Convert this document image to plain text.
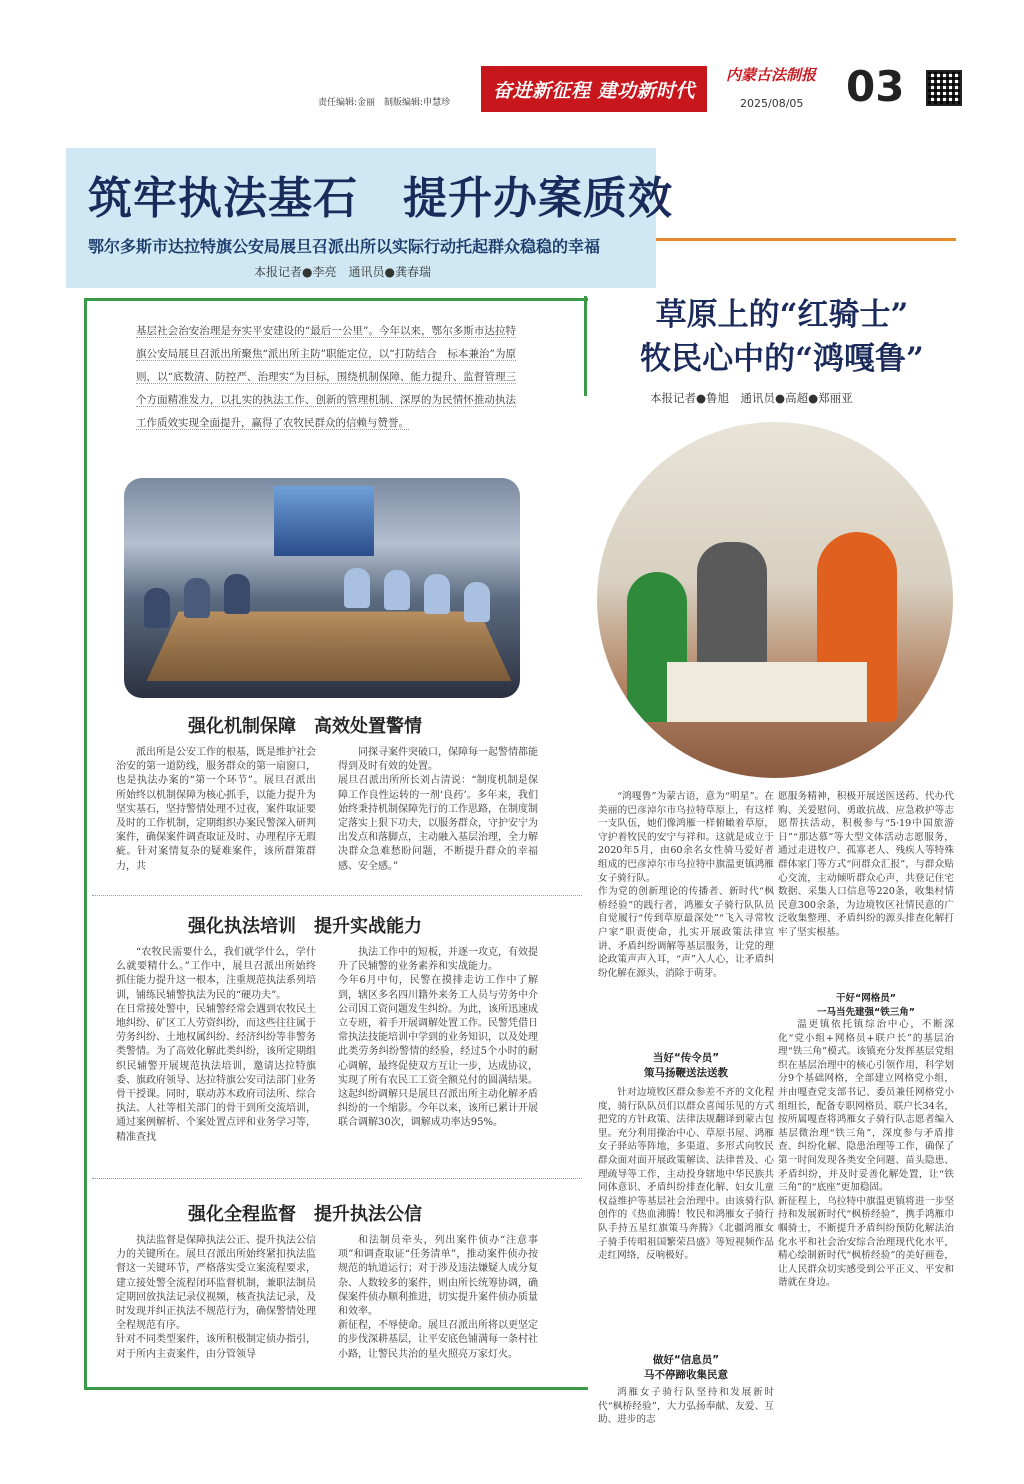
责任编辑:金丽　制版编辑:申慧珍
奋进新征程 建功新时代
内蒙古法制报
2025/08/05 03
筑牢执法基石　提升办案质效
鄂尔多斯市达拉特旗公安局展旦召派出所以实际行动托起群众稳稳的幸福
本报记者●李亮　通讯员●龚春瑞
基层社会治安治理是夯实平安建设的“最后一公里”。今年以来，鄂尔多斯市达拉特旗公安局展旦召派出所聚焦“派出所主防”职能定位，以“打防结合　标本兼治”为原则，以“底数清、防控严、治理实”为目标，围绕机制保障、能力提升、监督管理三个方面精准发力，以扎实的执法工作、创新的管理机制、深厚的为民情怀推动执法工作质效实现全面提升，赢得了农牧民群众的信赖与赞誉。
强化机制保障　高效处置警情

派出所是公安工作的根基，既是维护社会治安的第一道防线，服务群众的第一扇窗口，也是执法办案的“第一个环节”。展旦召派出所始终以机制保障为核心抓手，以能力提升为坚实基石，坚持警情处理不过夜，案件取证要及时的工作机制，定期组织办案民警深入研判案件，确保案件调查取证及时、办理程序无瑕疵。针对案情复杂的疑难案件，该所群策群力，共

同探寻案件突破口，保障每一起警情都能得到及时有效的处置。
展旦召派出所所长刘占清说：“制度机制是保障工作良性运转的一剂‘良药’。多年来，我们始终秉持机制保障先行的工作思路，在制度制定落实上狠下功夫，以服务群众，守护安宁为出发点和落脚点，主动融入基层治理，全力解决群众急难愁盼问题，不断提升群众的幸福感、安全感。”

强化执法培训　提升实战能力

“农牧民需要什么，我们就学什么，学什么就要精什么。”工作中，展旦召派出所始终抓住能力提升这一根本，注重规范执法系列培训，铺练民辅警执法为民的“硬功夫”。
在日常接处警中，民辅警经常会遇到农牧民土地纠纷、矿区工人劳资纠纷，而这些往往属于劳务纠纷、土地权属纠纷、经济纠纷等非警务类警情。为了高效化解此类纠纷，该所定期组织民辅警开展规范执法培训，邀请达拉特旗委、旗政府领导、达拉特旗公安司法部门业务骨干授课。同时，联动苏木政府司法所、综合执法、人社等相关部门的骨干到所交流培训，通过案例解析、个案处置点评和业务学习等，精准查找

执法工作中的短板，并逐一攻克，有效提升了民辅警的业务素养和实战能力。
今年6月中旬，民警在摸排走访工作中了解到，辖区多名四川籍外来务工人员与劳务中介公司因工资问题发生纠纷。为此，该所迅速成立专班，着手开展调解处置工作。民警凭借日常执法技能培训中学到的业务知识，以及处理此类劳务纠纷警情的经验，经过5个小时的耐心调解，最终促使双方互让一步，达成协议，实现了所有农民工工资全额兑付的圆满结果。
这起纠纷调解只是展旦召派出所主动化解矛盾纠纷的一个缩影。今年以来，该所已累计开展联合调解30次，调解成功率达95%。

强化全程监督　提升执法公信

执法监督是保障执法公正、提升执法公信力的关键所在。展旦召派出所始终紧扣执法监督这一关键环节，严格落实受立案流程要求，建立接处警全流程闭环监督机制，兼职法制员定期回放执法记录仪视频，核查执法记录，及时发现并纠正执法不规范行为，确保警情处理全程规范有序。
针对不同类型案件，该所积极制定侦办指引，对于所内主责案件，由分管领导

和法制员牵头，列出案件侦办“注意事项”和调查取证“任务清单”，推动案件侦办按规范的轨道运行；对于涉及违法嫌疑人成分复杂、人数较多的案件，则由所长统筹协调，确保案件侦办顺利推进，切实提升案件侦办质量和效率。
新征程，不辱使命。展旦召派出所将以更坚定的步伐深耕基层，让平安底色铺满每一条村社小路，让警民共治的星火照亮万家灯火。

草原上的“红骑士”
牧民心中的“鸿嘎鲁”
本报记者●鲁旭　通讯员●高超●郑丽亚

“鸿嘎鲁”为蒙古语，意为“明星”。在美丽的巴彦淖尔市乌拉特草原上，有这样一支队伍，她们像鸿雁一样俯瞰着草原，守护着牧民的安宁与祥和。这就是成立于2020年5月，由60余名女性骑马爱好者组成的巴彦淖尔市乌拉特中旗温更镇鸿雁女子骑行队。
作为党的创新理论的传播者、新时代“枫桥经验”的践行者，鸿雁女子骑行队队员自觉履行“传到草原最深处”“飞入寻常牧户家”职责使命，扎实开展政策法律宣讲、矛盾纠纷调解等基层服务，让党的理论政策声声入耳，“声”入人心，让矛盾纠纷化解在源头，消除于萌芽。

当好“传令员”
策马扬鞭送法送教

针对边境牧区群众参差不齐的文化程度，骑行队队员们以群众喜闻乐见的方式把党的方针政策、法律法规翻译到蒙古包里。充分利用操治中心、草原书屋、鸿雁女子驿站等阵地，多渠道、多形式向牧民群众面对面开展政策解读、法律普及、心理疏导等工作，主动投身辖地中华民族共同体意识、矛盾纠纷排查化解、妇女儿童权益维护等基层社会治理中。由该骑行队创作的《热血沸腾！牧民和鸿雁女子骑行队手持五星红旗策马奔腾》《北疆鸿雁女子骑手传唱祖国繁荣昌盛》等短视频作品走红网络，反响极好。

做好“信息员”
马不停蹄收集民意

鸿雁女子骑行队坚持和发展新时代“枫桥经验”，大力弘扬奉献、友爱、互助、进步的志

愿服务精神，积极开展送医送药、代办代购、关爱慰问、勇敢抗战、应急救护等志愿帮扶活动，积极参与“5·19中国旅游日”“那达慕”等大型文体活动志愿服务，通过走进牧户、孤寡老人、残疾人等特殊群体家门等方式“问群众汇报”，与群众贴心交流，主动倾听群众心声，共登记住宅数据、采集人口信息等220条，收集村情民意300余条，为边境牧区社情民意的广泛收集整理、矛盾纠纷的源头排查化解打牢了坚实根基。

干好“网格员”
一马当先建强“铁三角”

温更镇依托镇综治中心，不断深化“党小组+网格员+联户长”的基层治理“铁三角”模式。该镇充分发挥基层党组织在基层治理中的核心引领作用，科学划分9个基础网格，全部建立网格党小组，并由嘎查党支部书记、委员兼任网格党小组组长，配备专职网格员、联户长34名，按所属嘎查将鸿雁女子骑行队志愿者编入基层微治理“铁三角”，深度参与矛盾排查、纠纷化解、隐患治理等工作，确保了第一时间发现各类安全问题、苗头隐患、矛盾纠纷，并及时妥善化解处置，让“铁三角”的“底座”更加稳固。
新征程上，乌拉特中旗温更镇将进一步坚持和发展新时代“枫桥经验”，携手鸿雁巾帼骑士，不断提升矛盾纠纷预防化解法治化水平和社会治安综合治理现代化水平，精心绘制新时代“枫桥经验”的美好画卷，让人民群众切实感受到公平正义、平安和谐就在身边。
